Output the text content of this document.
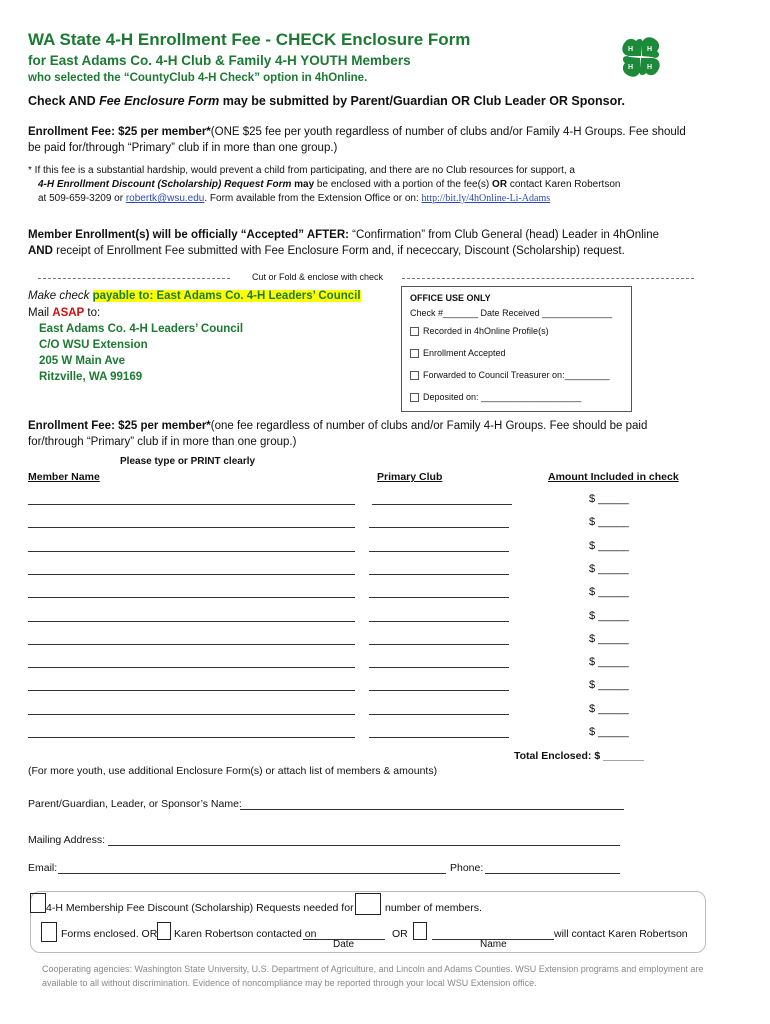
WA State 4-H Enrollment Fee - CHECK Enclosure Form
for East Adams Co. 4-H Club & Family 4-H YOUTH Members
who selected the “CountyClub 4-H Check” option in 4hOnline.
H H
H H
Check AND Fee Enclosure Form may be submitted by Parent/Guardian OR Club Leader OR Sponsor.
Enrollment Fee: $25 per member*(ONE $25 fee per youth regardless of number of clubs and/or Family 4-H Groups. Fee should be paid for/through “Primary” club if in more than one group.)
* If this fee is a substantial hardship, would prevent a child from participating, and there are no Club resources for support, a
4-H Enrollment Discount (Scholarship) Request Form may be enclosed with a portion of the fee(s) OR contact Karen Robertson
at 509-659-3209 or robertk@wsu.edu. Form available from the Extension Office or on: http://bit.ly/4hOnline-Li-Adams
Member Enrollment(s) will be officially “Accepted” AFTER: “Confirmation” from Club General (head) Leader in 4hOnline
AND receipt of Enrollment Fee submitted with Fee Enclosure Form and, if nececcary, Discount (Scholarship) request.
Cut or Fold & enclose with check
Make check payable to: East Adams Co. 4-H Leaders’ Council
Mail ASAP to:
East Adams Co. 4-H Leaders’ Council
C/O WSU Extension
205 W Main Ave
Ritzville, WA 99169
OFFICE USE ONLY
Check #_______ Date Received ______________
Recorded in 4hOnline Profile(s)
Enrollment Accepted
Forwarded to Council Treasurer on:_________
Deposited on: ____________________
Enrollment Fee: $25 per member*(one fee regardless of number of clubs and/or Family 4-H Groups. Fee should be paid for/through “Primary” club if in more than one group.)
Please type or PRINT clearly
Member Name	Primary Club	Amount Included in check
$ _____
$ _____
$ _____
$ _____
$ _____
$ _____
$ _____
$ _____
$ _____
$ _____
$ _____
Total Enclosed: $ _______
(For more youth, use additional Enclosure Form(s) or attach list of members & amounts)
Parent/Guardian, Leader, or Sponsor’s Name:
Mailing Address:
Email:	Phone:
4-H Membership Fee Discount (Scholarship) Requests needed for	number of members.
Forms enclosed. OR Karen Robertson contacted on
Date
OR
Name
will contact Karen Robertson
Cooperating agencies: Washington State University, U.S. Department of Agriculture, and Lincoln and Adams Counties. WSU Extension programs and employment are available to all without discrimination. Evidence of noncompliance may be reported through your local WSU Extension office.
